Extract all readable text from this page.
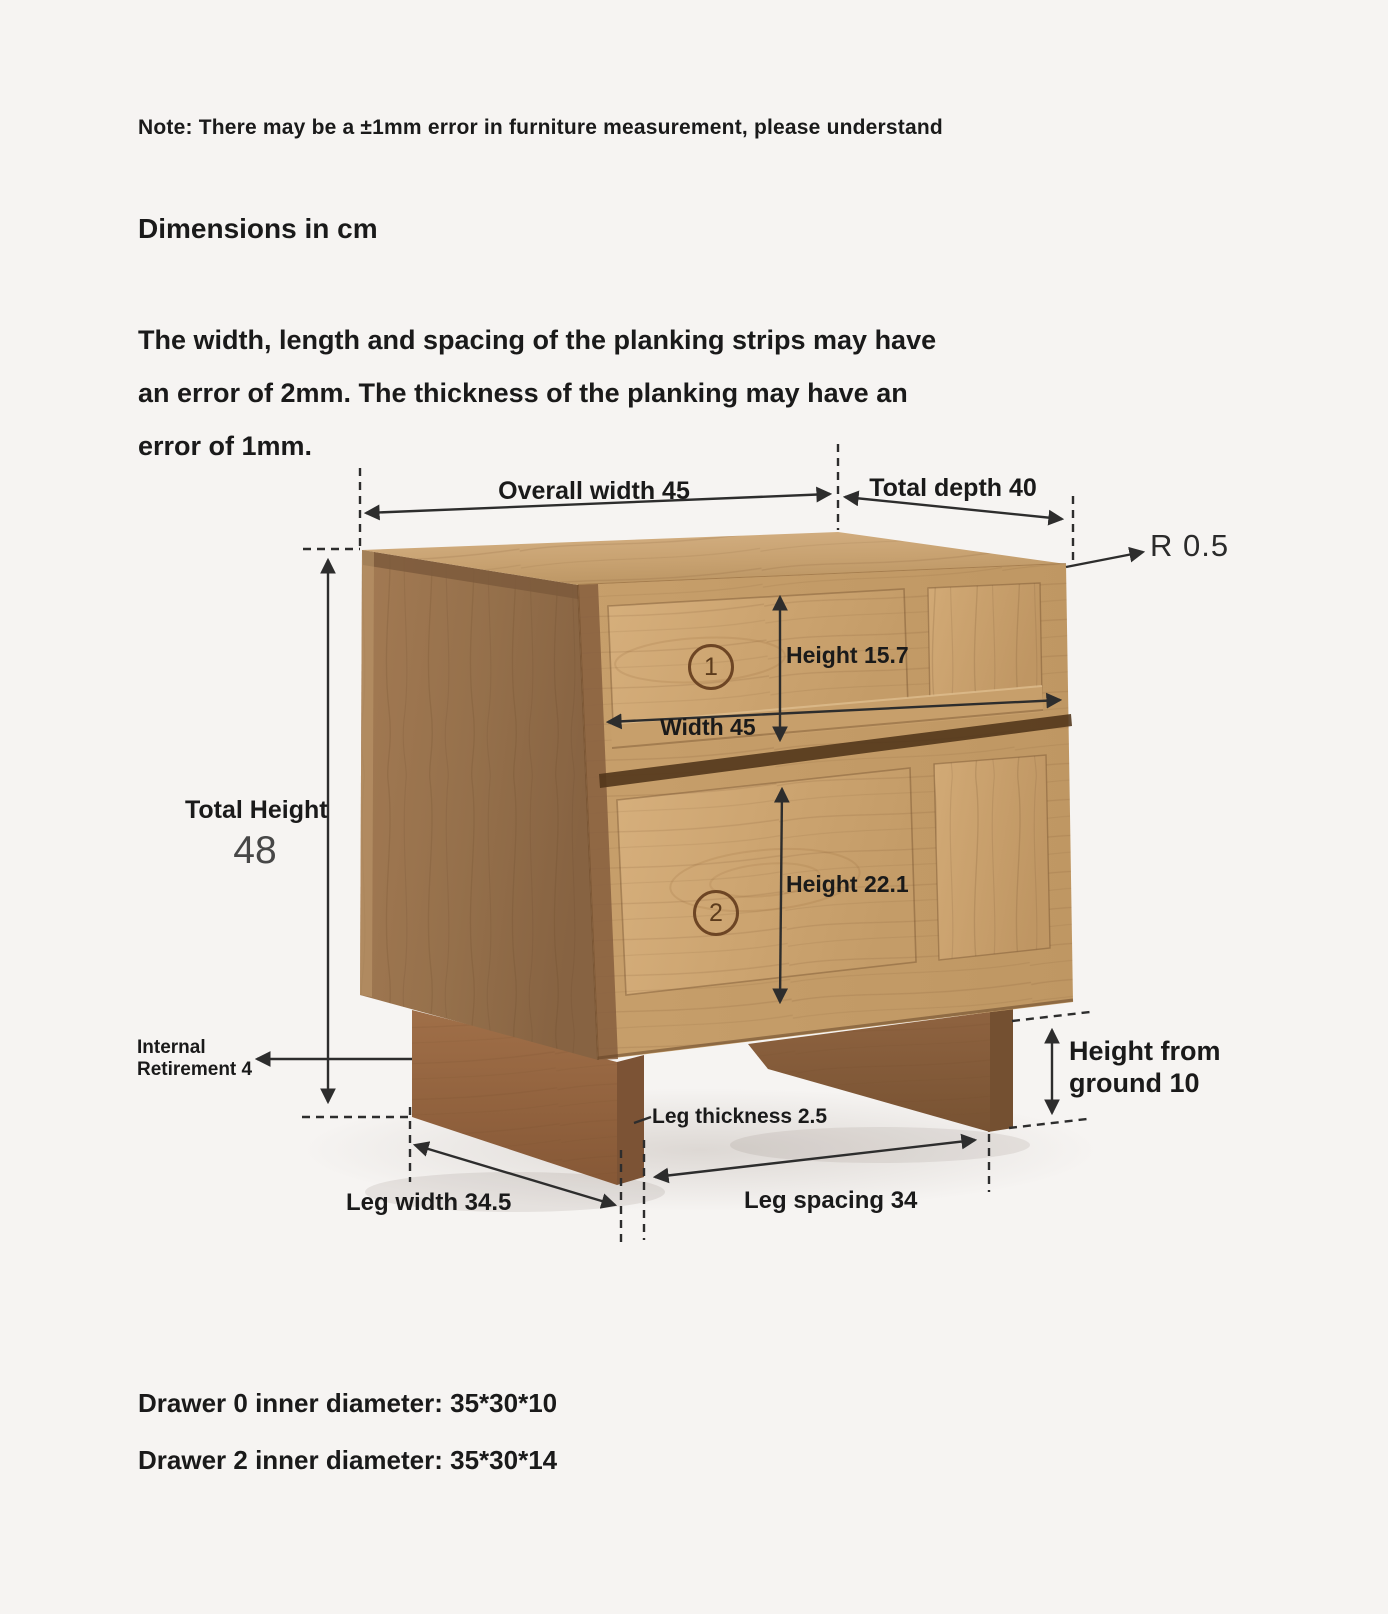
Note: There may be a ±1mm error in furniture measurement, please understand
Dimensions in cm
The width, length and spacing of the planking strips may have
an error of 2mm. The thickness of the planking may have an
error of 1mm.
Overall width 45	Total depth 40
R 0.5
Height 15.7
Width 45
Total Height
48
Height 22.1
Internal
Retirement 4
Height from
ground 10
Leg thickness 2.5
Leg width 34.5	Leg spacing 34
1
2
Drawer 0 inner diameter: 35*30*10
Drawer 2 inner diameter: 35*30*14
